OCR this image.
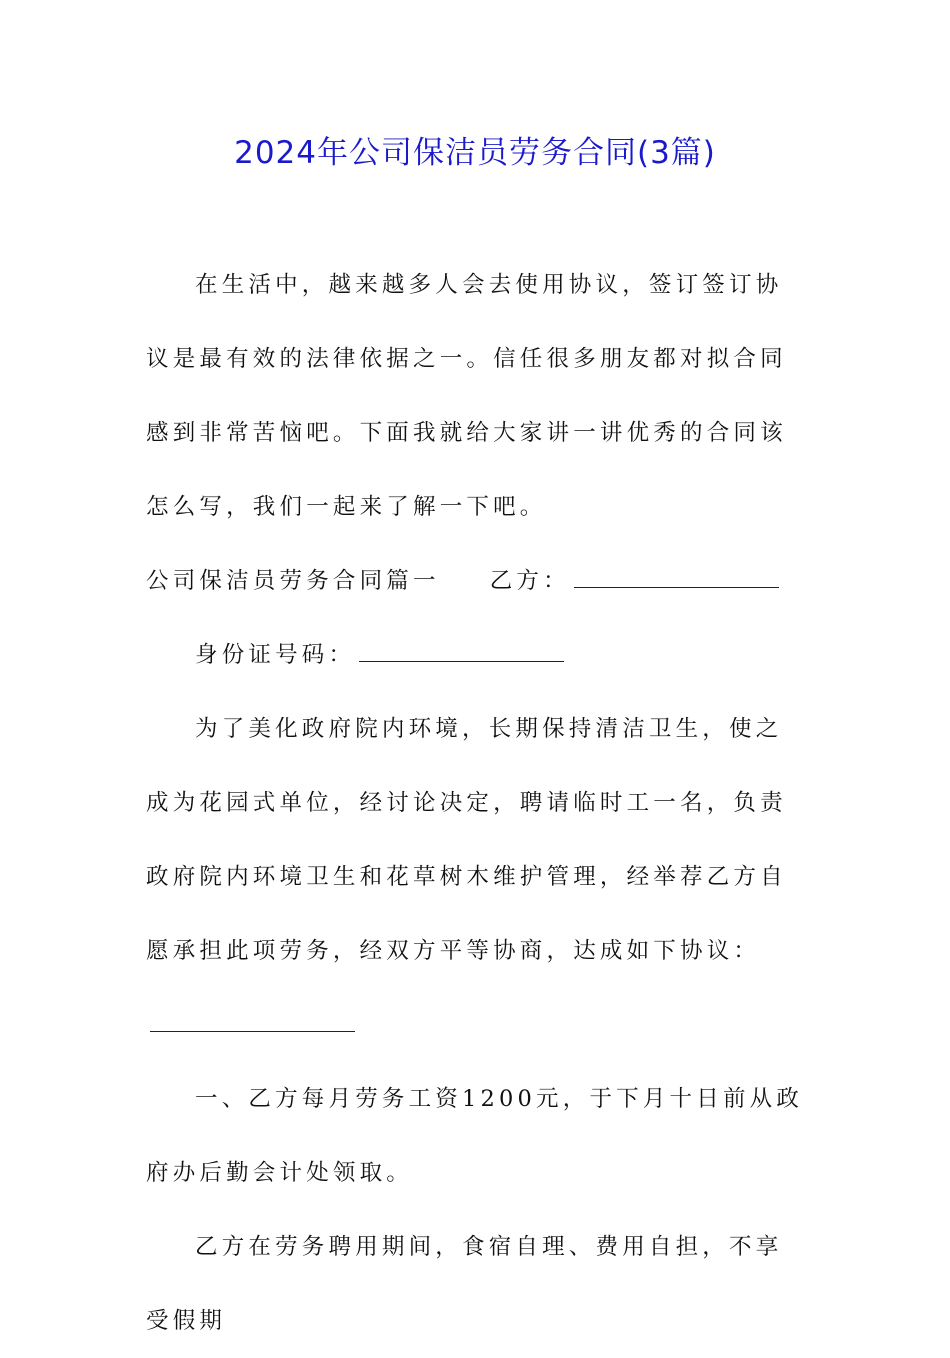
2024年公司保洁员劳务合同(3篇)

在生活中，越来越多人会去使用协议，签订签订协议是最有效的法律依据之一。信任很多朋友都对拟合同感到非常苦恼吧。下面我就给大家讲一讲优秀的合同该怎么写，我们一起来了解一下吧。

公司保洁员劳务合同篇一 乙方：

身份证号码：

为了美化政府院内环境，长期保持清洁卫生，使之成为花园式单位，经讨论决定，聘请临时工一名，负责政府院内环境卫生和花草树木维护管理，经举荐乙方自愿承担此项劳务，经双方平等协商，达成如下协议：

一、乙方每月劳务工资1200元，于下月十日前从政府办后勤会计处领取。

乙方在劳务聘用期间，食宿自理、费用自担，不享受假期
